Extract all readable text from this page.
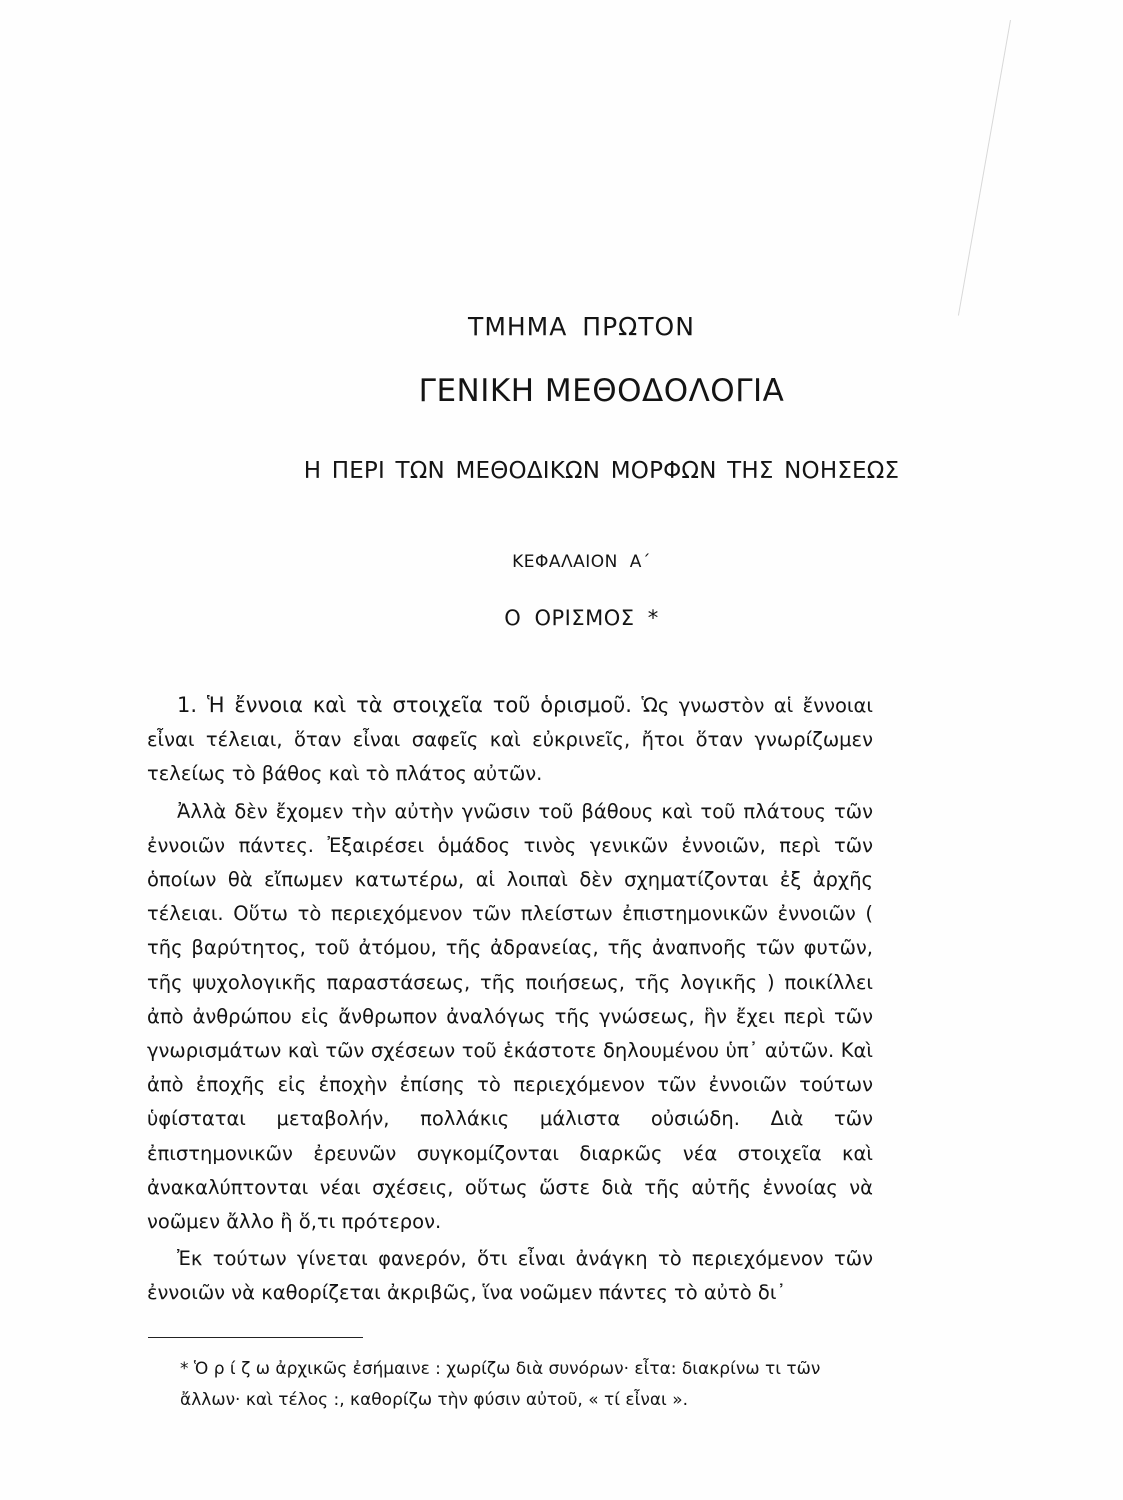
ΤΜΗΜΑ ΠΡΩΤΟΝ
ΓΕΝΙΚΗ ΜΕΘΟΔΟΛΟΓΙΑ
Η ΠΕΡΙ ΤΩΝ ΜΕΘΟΔΙΚΩΝ ΜΟΡΦΩΝ ΤΗΣ ΝΟΗΣΕΩΣ
ΚΕΦΑΛΑΙΟΝ Α΄
Ο ΟΡΙΣΜΟΣ *

1. Ἡ ἔννοια καὶ τὰ στοιχεῖα τοῦ ὁρισμοῦ. Ὡς γνωστὸν αἱ ἔννοιαι εἶναι τέλειαι, ὅταν εἶναι σαφεῖς καὶ εὐκρινεῖς, ἤτοι ὅταν γνωρίζωμεν τελείως τὸ βάθος καὶ τὸ πλάτος αὐτῶν.

Ἀλλὰ δὲν ἔχομεν τὴν αὐτὴν γνῶσιν τοῦ βάθους καὶ τοῦ πλάτους τῶν ἐννοιῶν πάντες. Ἐξαιρέσει ὁμάδος τινὸς γενικῶν ἐννοιῶν, περὶ τῶν ὁποίων θὰ εἴπωμεν κατωτέρω, αἱ λοιπαὶ δὲν σχηματίζονται ἐξ ἀρχῆς τέλειαι. Οὕτω τὸ περιεχόμενον τῶν πλείστων ἐπιστημονικῶν ἐννοιῶν ( τῆς βαρύτητος, τοῦ ἀτόμου, τῆς ἀδρανείας, τῆς ἀναπνοῆς τῶν φυτῶν, τῆς ψυχολογικῆς παραστάσεως, τῆς ποιήσεως, τῆς λογικῆς ) ποικίλλει ἀπὸ ἀνθρώπου εἰς ἄνθρωπον ἀναλόγως τῆς γνώσεως, ἣν ἔχει περὶ τῶν γνωρισμάτων καὶ τῶν σχέσεων τοῦ ἑκάστοτε δηλουμένου ὑπ᾽ αὐτῶν. Καὶ ἀπὸ ἐποχῆς εἰς ἐποχὴν ἐπίσης τὸ περιεχόμενον τῶν ἐννοιῶν τούτων ὑφίσταται μεταβολήν, πολλάκις μάλιστα οὐσιώδη. Διὰ τῶν ἐπιστημονικῶν ἐρευνῶν συγκομίζονται διαρκῶς νέα στοιχεῖα καὶ ἀνακαλύπτονται νέαι σχέσεις, οὕτως ὥστε διὰ τῆς αὐτῆς ἐννοίας νὰ νοῶμεν ἄλλο ἢ ὅ,τι πρότερον.

Ἐκ τούτων γίνεται φανερόν, ὅτι εἶναι ἀνάγκη τὸ περιεχόμενον τῶν ἐννοιῶν νὰ καθορίζεται ἀκριβῶς, ἵνα νοῶμεν πάντες τὸ αὐτὸ δι᾽

* Ὁ ρ ί ζ ω ἀρχικῶς ἐσήμαινε : χωρίζω διὰ συνόρων· εἶτα: διακρίνω τι τῶν
ἄλλων· καὶ τέλος :, καθορίζω τὴν φύσιν αὐτοῦ, « τί εἶναι ».
